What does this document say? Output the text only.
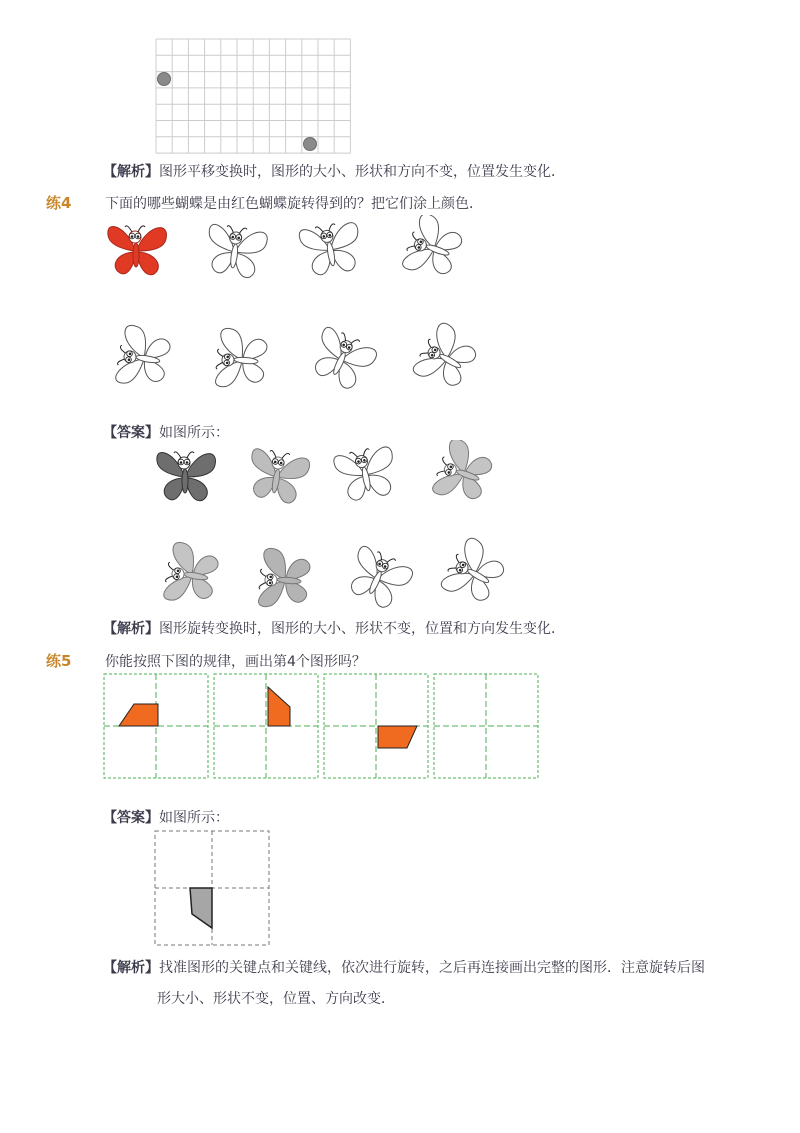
【解析】图形平移变换时，图形的大小、形状和方向不变，位置发生变化．
练4 下面的哪些蝴蝶是由红色蝴蝶旋转得到的？把它们涂上颜色．
【答案】如图所示：
【解析】图形旋转变换时，图形的大小、形状不变，位置和方向发生变化．
练5 你能按照下图的规律，画出第4个图形吗？
【答案】如图所示：
【解析】找准图形的关键点和关键线，依次进行旋转，之后再连接画出完整的图形．注意旋转后图
形大小、形状不变，位置、方向改变．
